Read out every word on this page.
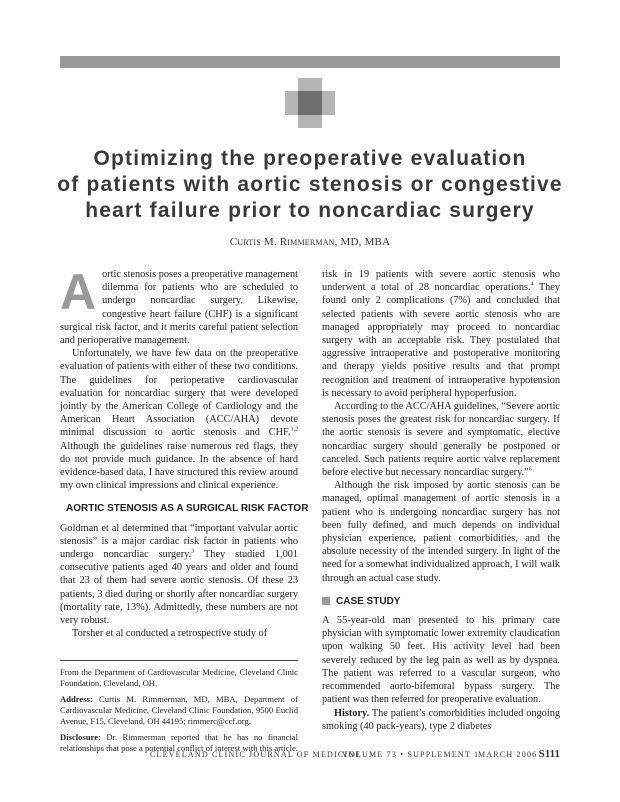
Optimizing the preoperative evaluation
of patients with aortic stenosis or congestive
heart failure prior to noncardiac surgery
Curtis M. Rimmerman, MD, MBA

Aortic stenosis poses a preoperative management dilemma for patients who are scheduled to undergo noncardiac surgery. Likewise, congestive heart failure (CHF) is a significant surgical risk factor, and it merits careful patient selection and perioperative management.

Unfortunately, we have few data on the preoperative evaluation of patients with either of these two conditions. The guidelines for perioperative cardiovascular evaluation for noncardiac surgery that were developed jointly by the American College of Cardiology and the American Heart Association (ACC/AHA) devote minimal discussion to aortic stenosis and CHF.$^{1,2}$ Although the guidelines raise numerous red flags, they do not provide much guidance. In the absence of hard evidence-based data, I have structured this review around my own clinical impressions and clinical experience.

AORTIC STENOSIS AS A SURGICAL RISK FACTOR

Goldman et al determined that “important valvular aortic stenosis” is a major cardiac risk factor in patients who undergo noncardiac surgery.$^3$ They studied 1,001 consecutive patients aged 40 years and older and found that 23 of them had severe aortic stenosis. Of these 23 patients, 3 died during or shortly after noncardiac surgery (mortality rate, 13%). Admittedly, these numbers are not very robust.

Torsher et al conducted a retrospective study of

From the Department of Cardiovascular Medicine, Cleveland Clinic Foundation, Cleveland, OH.

Address: Curtis M. Rimmerman, MD, MBA, Department of Cardiovascular Medicine, Cleveland Clinic Foundation, 9500 Euclid Avenue, F15, Cleveland, OH 44195; rimmerc@ccf.org.

Disclosure: Dr. Rimmerman reported that he has no financial relationships that pose a potential conflict of interest with this article.

risk in 19 patients with severe aortic stenosis who underwent a total of 28 noncardiac operations.$^4$ They found only 2 complications (7%) and concluded that selected patients with severe aortic stenosis who are managed appropriately may proceed to noncardiac surgery with an acceptable risk. They postulated that aggressive intraoperative and postoperative monitoring and therapy yields positive results and that prompt recognition and treatment of intraoperative hypotension is necessary to avoid peripheral hypoperfusion.

According to the ACC/AHA guidelines, “Severe aortic stenosis poses the greatest risk for noncardiac surgery. If the aortic stenosis is severe and symptomatic, elective noncardiac surgery should generally be postponed or canceled. Such patients require aortic valve replacement before elective but necessary noncardiac surgery.”$^6$

Although the risk imposed by aortic stenosis can be managed, optimal management of aortic stenosis in a patient who is undergoing noncardiac surgery has not been fully defined, and much depends on individual physician experience, patient comorbidities, and the absolute necessity of the intended surgery. In light of the need for a somewhat individualized approach, I will walk through an actual case study.

CASE STUDY

A 55-year-old man presented to his primary care physician with symptomatic lower extremity claudication upon walking 50 feet. His activity level had been severely reduced by the leg pain as well as by dyspnea. The patient was referred to a vascular surgeon, who recommended aorto-bifemoral bypass surgery. The patient was then referred for preoperative evaluation.

History. The patient’s comorbidities included ongoing smoking (40 pack-years), type 2 diabetes

CLEVELAND CLINIC JOURNAL OF MEDICINE
VOLUME 73 • SUPPLEMENT 1
MARCH 2006 S111
